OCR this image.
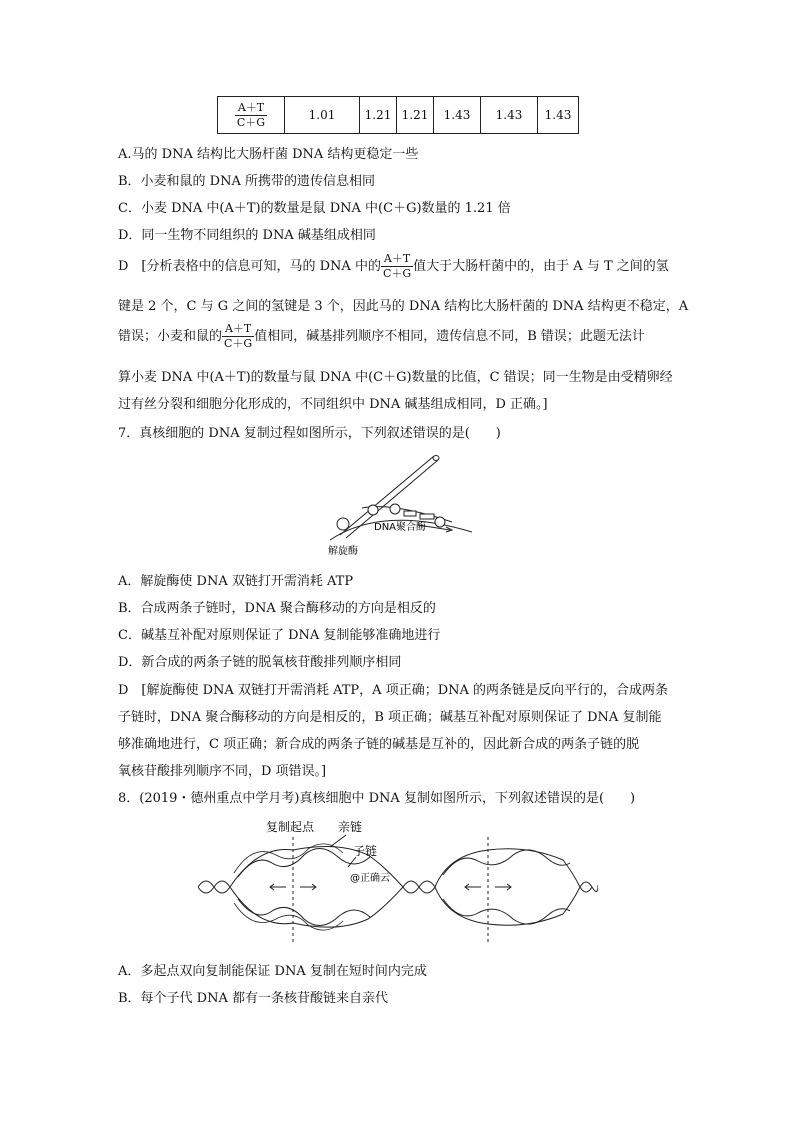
$\frac{A+T}{C+G}$	1.01	1.21	1.21	1.43	1.43	1.43
A.马的 DNA 结构比大肠杆菌 DNA 结构更稳定一些
B．小麦和鼠的 DNA 所携带的遗传信息相同
C．小麦 DNA 中(A＋T)的数量是鼠 DNA 中(C＋G)数量的 1.21 倍
D．同一生物不同组织的 DNA 碱基组成相同
D　[分析表格中的信息可知，马的 DNA 中的 $\frac{A+T}{C+G}$ 值大于大肠杆菌中的，由于 A 与 T 之间的氢
键是 2 个，C 与 G 之间的氢键是 3 个，因此马的 DNA 结构比大肠杆菌的 DNA 结构更不稳定，A
错误；小麦和鼠的 $\frac{A+T}{C+G}$ 值相同，碱基排列顺序不相同，遗传信息不同，B 错误；此题无法计
算小麦 DNA 中(A＋T)的数量与鼠 DNA 中(C＋G)数量的比值，C 错误；同一生物是由受精卵经
过有丝分裂和细胞分化形成的，不同组织中 DNA 碱基组成相同，D 正确。]
7．真核细胞的 DNA 复制过程如图所示，下列叙述错误的是(　　)
DNA聚合酶
解旋酶
A．解旋酶使 DNA 双链打开需消耗 ATP
B．合成两条子链时，DNA 聚合酶移动的方向是相反的
C．碱基互补配对原则保证了 DNA 复制能够准确地进行
D．新合成的两条子链的脱氧核苷酸排列顺序相同
D　[解旋酶使 DNA 双链打开需消耗 ATP，A 项正确；DNA 的两条链是反向平行的，合成两条
子链时，DNA 聚合酶移动的方向是相反的，B 项正确；碱基互补配对原则保证了 DNA 复制能
够准确地进行，C 项正确；新合成的两条子链的碱基是互补的，因此新合成的两条子链的脱
氧核苷酸排列顺序不同，D 项错误。]
8．(2019・德州重点中学月考)真核细胞中 DNA 复制如图所示，下列叙述错误的是(　　)
复制起点 亲链
子链
@正确云
A．多起点双向复制能保证 DNA 复制在短时间内完成
B．每个子代 DNA 都有一条核苷酸链来自亲代
